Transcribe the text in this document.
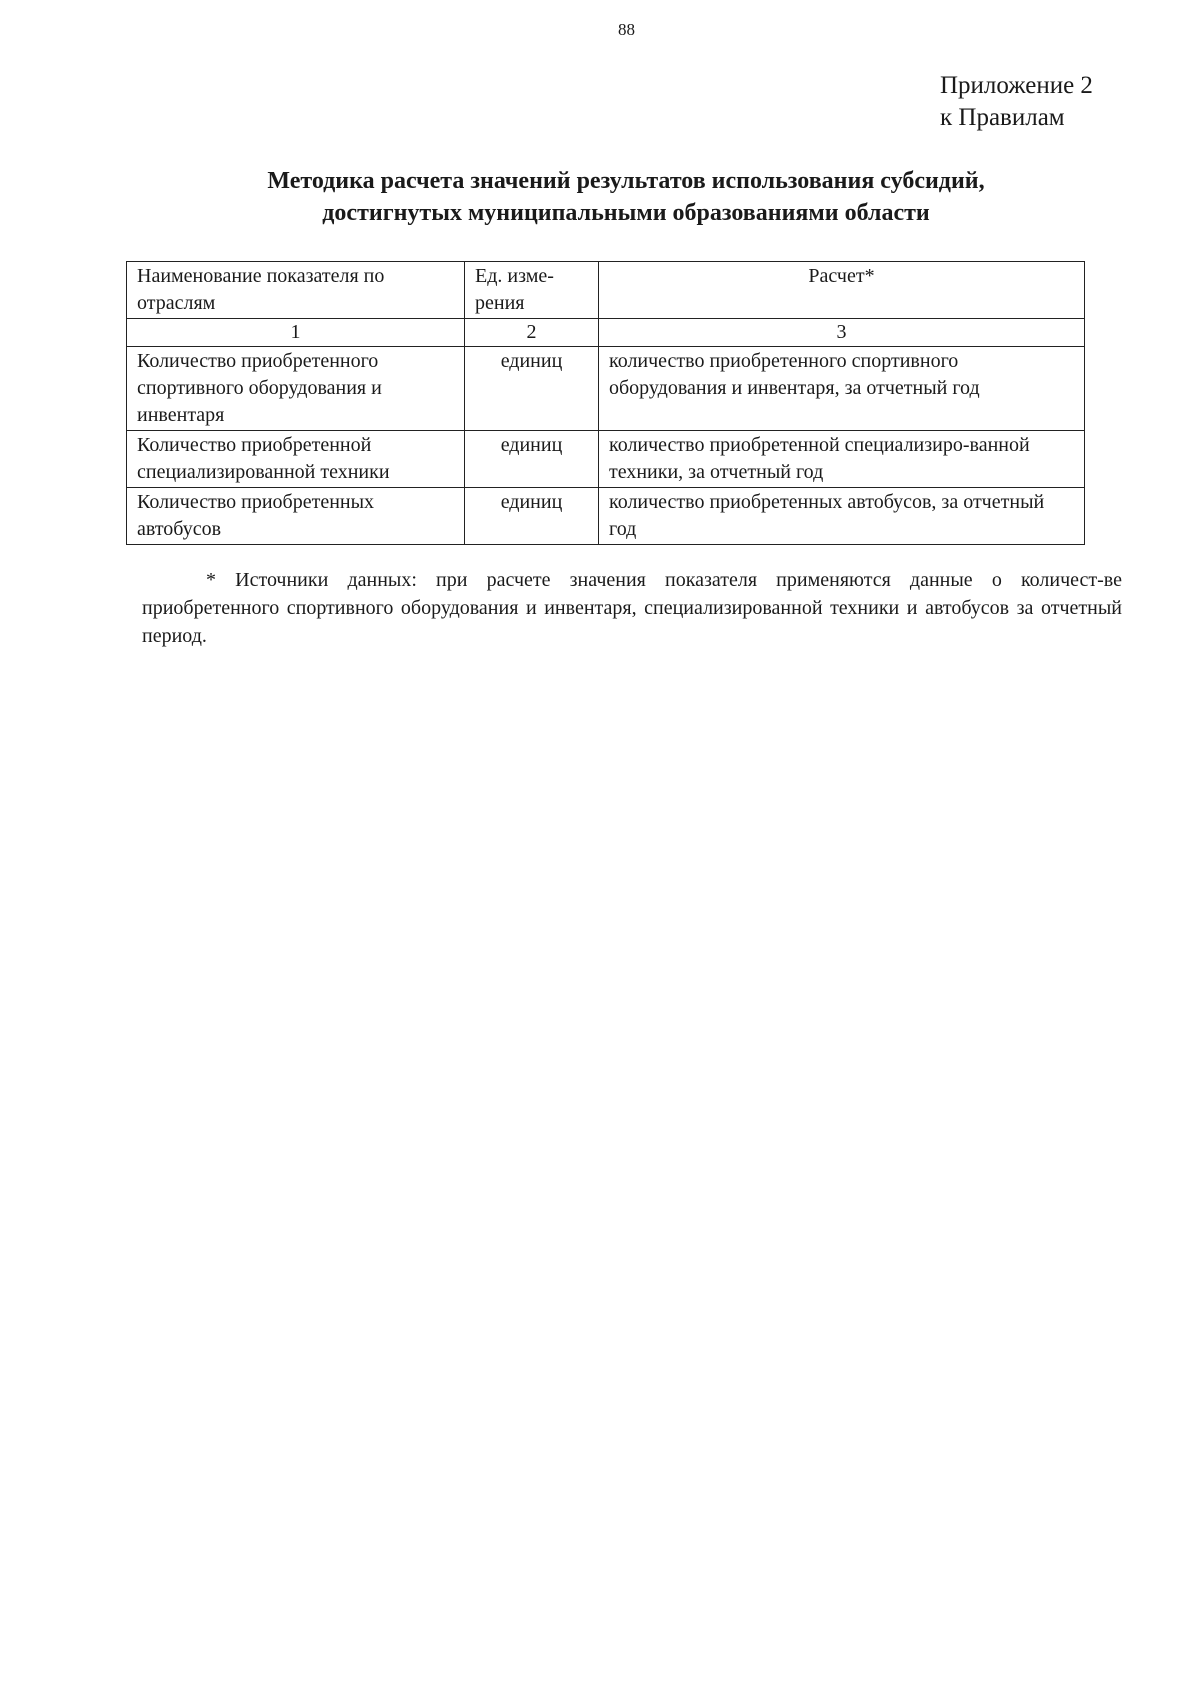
88
Приложение 2
к Правилам
Методика расчета значений результатов использования субсидий,
достигнутых муниципальными образованиями области
Наименование показателя по отраслям	Ед. изме-рения	Расчет*
1	2	3
Количество приобретенного спортивного оборудования и инвентаря	единиц	количество приобретенного спортивного оборудования и инвентаря, за отчетный год
Количество приобретенной специализированной техники	единиц	количество приобретенной специализиро-ванной техники, за отчетный год
Количество приобретенных автобусов	единиц	количество приобретенных автобусов, за отчетный год
* Источники данных: при расчете значения показателя применяются данные о количест-ве приобретенного спортивного оборудования и инвентаря, специализированной техники и автобусов за отчетный период.
